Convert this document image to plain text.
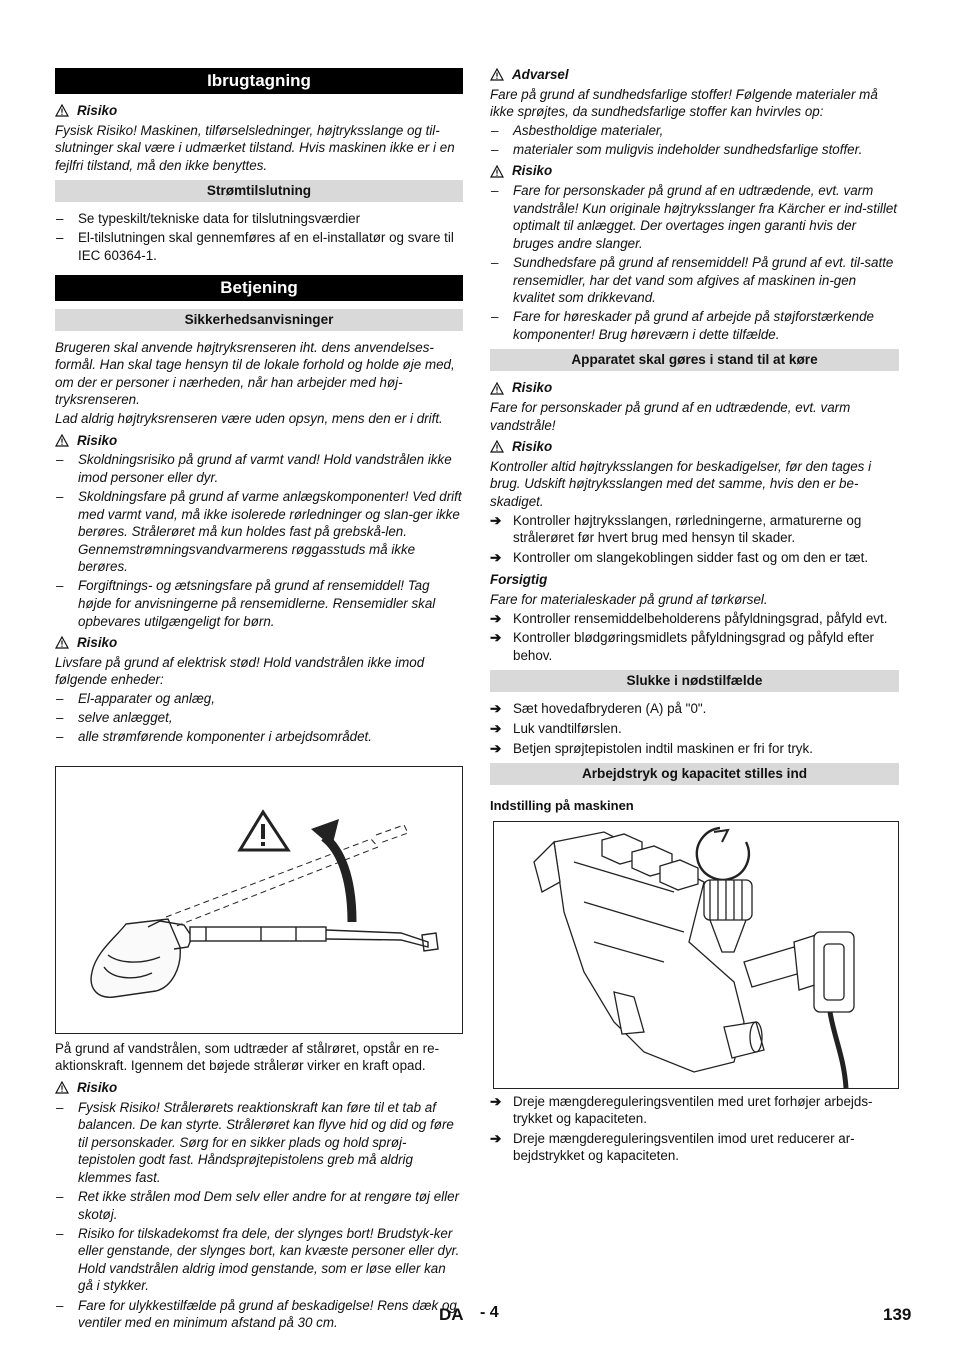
Ibrugtagning
Risiko

Fysisk Risiko! Maskinen, tilførselsledninger, højtryksslange og til-slutninger skal være i udmærket tilstand. Hvis maskinen ikke er i en fejlfri tilstand, må den ikke benyttes.

Strømtilslutning
– Se typeskilt/tekniske data for tilslutningsværdier
– El-tilslutningen skal gennemføres af en el-installatør og svare til IEC 60364-1.
Betjening
Sikkerhedsanvisninger

Brugeren skal anvende højtryksrenseren iht. dens anvendelses-formål. Han skal tage hensyn til de lokale forhold og holde øje med, om der er personer i nærheden, når han arbejder med høj-tryksrenseren.

Lad aldrig højtryksrenseren være uden opsyn, mens den er i drift.

Risiko
– Skoldningsrisiko på grund af varmt vand! Hold vandstrålen ikke imod personer eller dyr.
– Skoldningsfare på grund af varme anlægskomponenter! Ved drift med varmt vand, må ikke isolerede rørledninger og slan-ger ikke berøres. Strålerøret må kun holdes fast på grebskå-len. Gennemstrømningsvandvarmerens røggasstuds må ikke berøres.
– Forgiftnings- og ætsningsfare på grund af rensemiddel! Tag højde for anvisningerne på rensemidlerne. Rensemidler skal opbevares utilgængeligt for børn.
Risiko

Livsfare på grund af elektrisk stød! Hold vandstrålen ikke imod følgende enheder:

– El-apparater og anlæg,
– selve anlægget,
– alle strømførende komponenter i arbejdsområdet.

På grund af vandstrålen, som udtræder af stålrøret, opstår en re-aktionskraft. Igennem det bøjede strålerør virker en kraft opad.

Risiko
– Fysisk Risiko! Strålerørets reaktionskraft kan føre til et tab af balancen. De kan styrte. Strålerøret kan flyve hid og did og føre til personskader. Sørg for en sikker plads og hold sprøj-tepistolen godt fast. Håndsprøjtepistolens greb må aldrig klemmes fast.
– Ret ikke strålen mod Dem selv eller andre for at rengøre tøj eller skotøj.
– Risiko for tilskadekomst fra dele, der slynges bort! Brudstyk-ker eller genstande, der slynges bort, kan kvæste personer eller dyr. Hold vandstrålen aldrig imod genstande, som er løse eller kan gå i stykker.
– Fare for ulykkestilfælde på grund af beskadigelse! Rens dæk og ventiler med en minimum afstand på 30 cm.
Advarsel

Fare på grund af sundhedsfarlige stoffer! Følgende materialer må ikke sprøjtes, da sundhedsfarlige stoffer kan hvirvles op:

– Asbestholdige materialer,
– materialer som muligvis indeholder sundhedsfarlige stoffer.
Risiko
– Fare for personskader på grund af en udtrædende, evt. varm vandstråle! Kun originale højtryksslanger fra Kärcher er ind-stillet optimalt til anlægget. Der overtages ingen garanti hvis der bruges andre slanger.
– Sundhedsfare på grund af rensemiddel! På grund af evt. til-satte rensemidler, har det vand som afgives af maskinen in-gen kvalitet som drikkevand.
– Fare for høreskader på grund af arbejde på støjforstærkende komponenter! Brug høreværn i dette tilfælde.
Apparatet skal gøres i stand til at køre
Risiko

Fare for personskader på grund af en udtrædende, evt. varm vandstråle!

Risiko

Kontroller altid højtryksslangen for beskadigelser, før den tages i brug. Udskift højtryksslangen med det samme, hvis den er be-skadiget.

➔ Kontroller højtryksslangen, rørledningerne, armaturerne og strålerøret før hvert brug med hensyn til skader.
➔ Kontroller om slangekoblingen sidder fast og om den er tæt.
Forsigtig

Fare for materialeskader på grund af tørkørsel.

➔ Kontroller rensemiddelbeholderens påfyldningsgrad, påfyld evt.
➔ Kontroller blødgøringsmidlets påfyldningsgrad og påfyld efter behov.
Slukke i nødstilfælde
➔ Sæt hovedafbryderen (A) på "0".
➔ Luk vandtilførslen.
➔ Betjen sprøjtepistolen indtil maskinen er fri for tryk.
Arbejdstryk og kapacitet stilles ind
Indstilling på maskinen
➔ Dreje mængdereguleringsventilen med uret forhøjer arbejds-trykket og kapaciteten.
➔ Dreje mængdereguleringsventilen imod uret reducerer ar-bejdstrykket og kapaciteten.
DA - 4	139
